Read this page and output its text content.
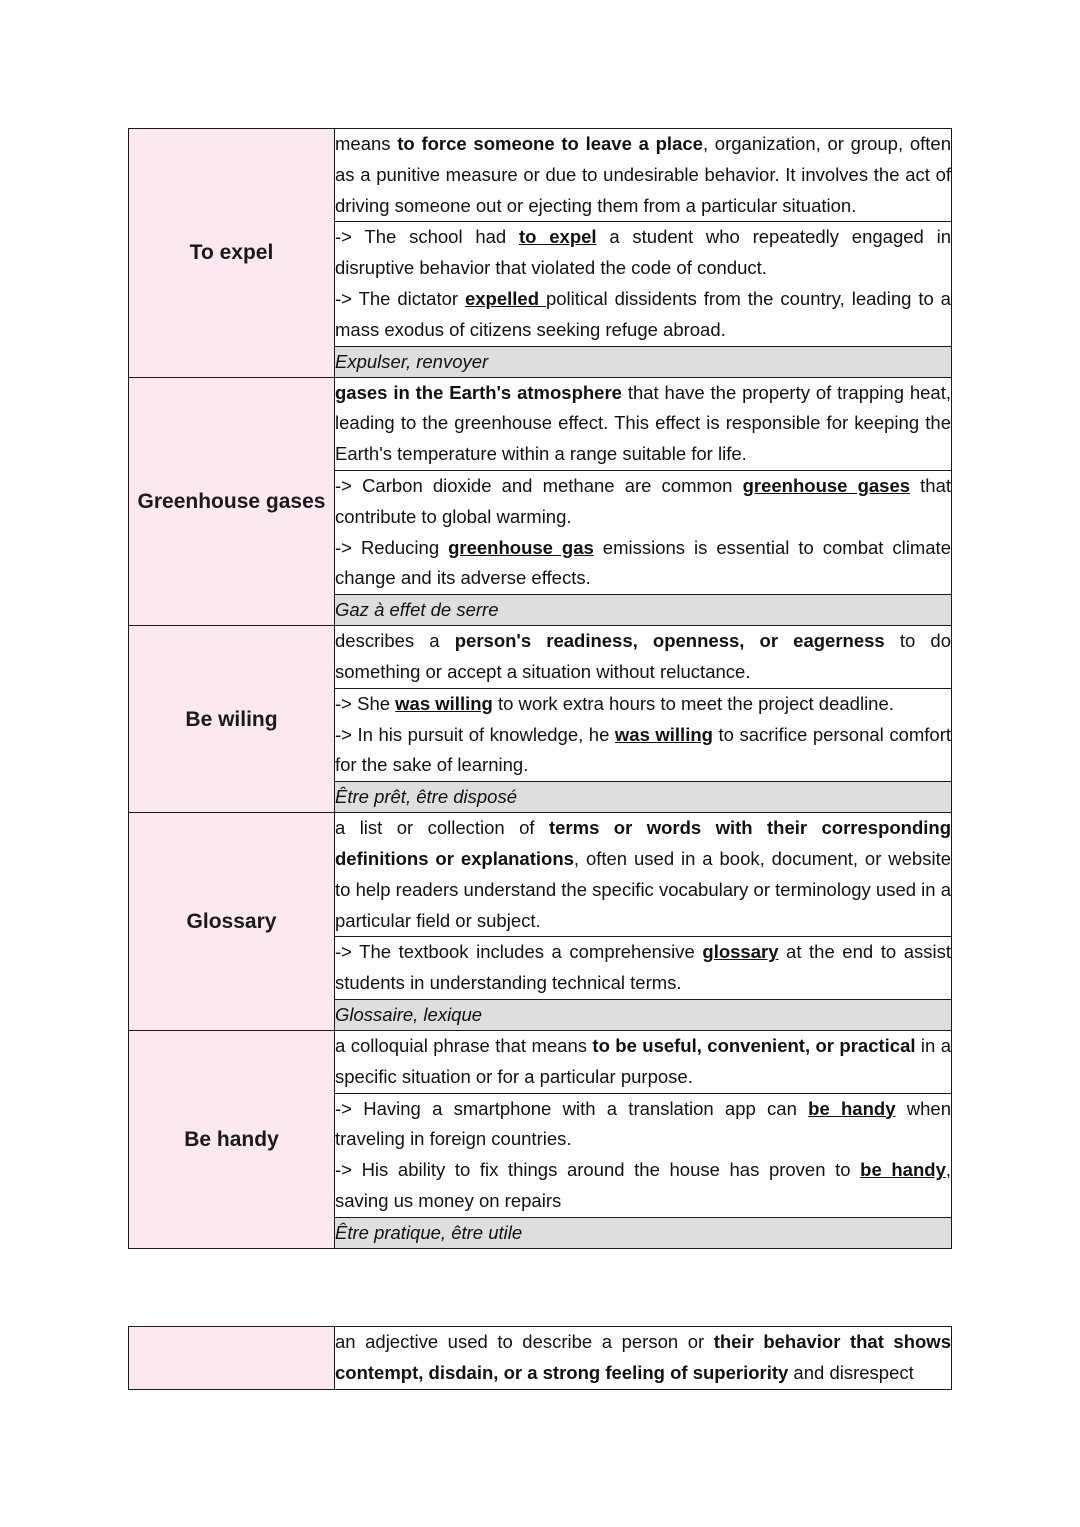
To expel	means to force someone to leave a place, organization, or group, often as a punitive measure or due to undesirable behavior. It involves the act of driving someone out or ejecting them from a particular situation.

	-> The school had to expel a student who repeatedly engaged in disruptive behavior that violated the code of conduct.
-> The dictator expelled political dissidents from the country, leading to a mass exodus of citizens seeking refuge abroad.

	Expulser, renvoyer
Greenhouse gases	gases in the Earth's atmosphere that have the property of trapping heat, leading to the greenhouse effect. This effect is responsible for keeping the Earth's temperature within a range suitable for life.

	-> Carbon dioxide and methane are common greenhouse gases that contribute to global warming.
-> Reducing greenhouse gas emissions is essential to combat climate change and its adverse effects.

	Gaz à effet de serre
Be wiling	describes a person's readiness, openness, or eagerness to do something or accept a situation without reluctance.

	-> She was willing to work extra hours to meet the project deadline.
-> In his pursuit of knowledge, he was willing to sacrifice personal comfort for the sake of learning.

	Être prêt, être disposé
Glossary	a list or collection of terms or words with their corresponding definitions or explanations, often used in a book, document, or website to help readers understand the specific vocabulary or terminology used in a particular field or subject.

	-> The textbook includes a comprehensive glossary at the end to assist students in understanding technical terms.

	Glossaire, lexique
Be handy	a colloquial phrase that means to be useful, convenient, or practical in a specific situation or for a particular purpose.

	-> Having a smartphone with a translation app can be handy when traveling in foreign countries.
-> His ability to fix things around the house has proven to be handy, saving us money on repairs

	Être pratique, être utile
	an adjective used to describe a person or their behavior that shows contempt, disdain, or a strong feeling of superiority and disrespect
